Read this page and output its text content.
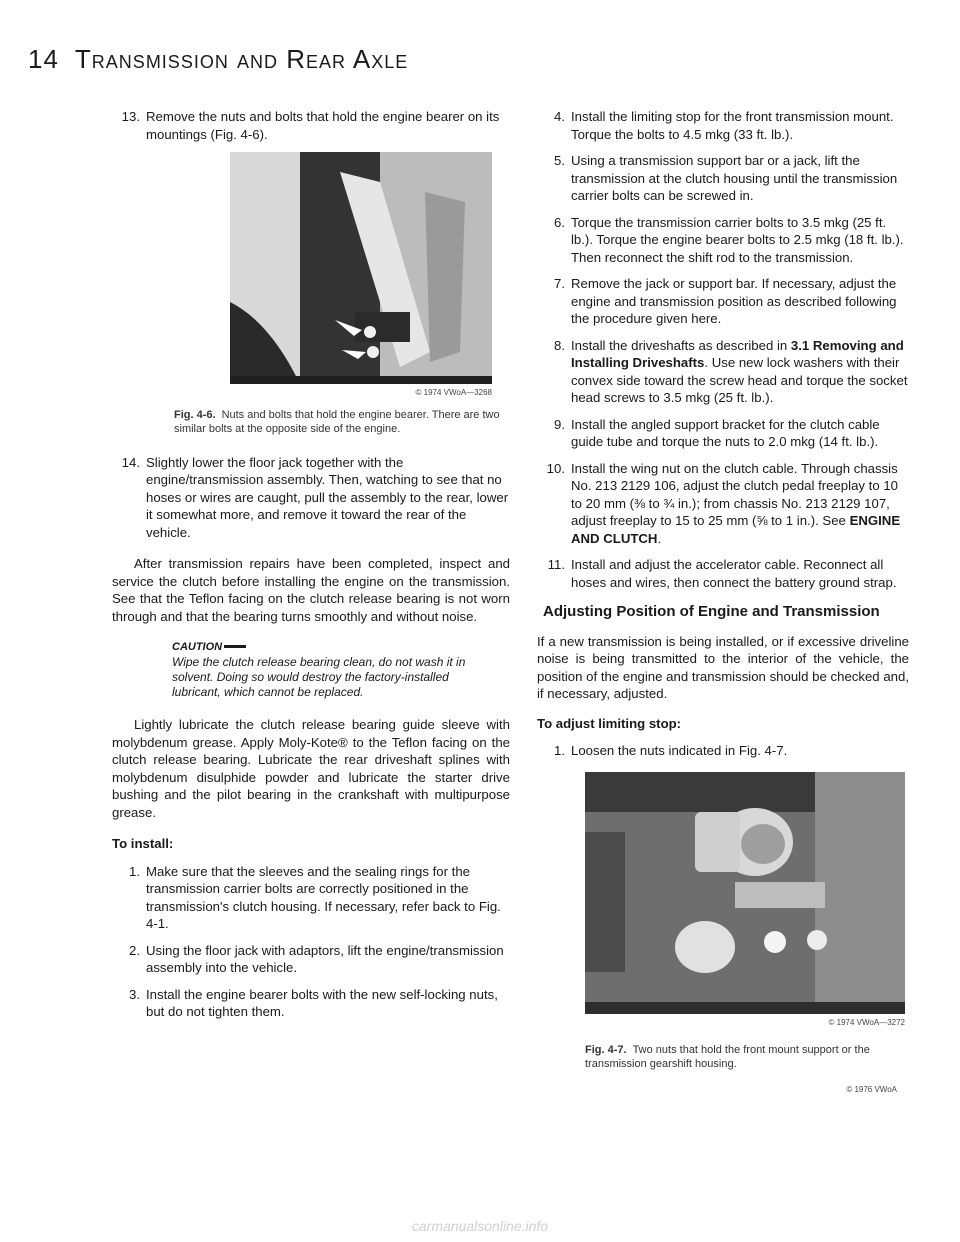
14 Transmission and Rear Axle
13. Remove the nuts and bolts that hold the engine bearer on its mountings (Fig. 4-6).
© 1974 VWoA—3268
Fig. 4-6. Nuts and bolts that hold the engine bearer. There are two similar bolts at the opposite side of the engine.
14. Slightly lower the floor jack together with the engine/transmission assembly. Then, watching to see that no hoses or wires are caught, pull the assembly to the rear, lower it somewhat more, and remove it toward the rear of the vehicle.
After transmission repairs have been completed, inspect and service the clutch before installing the engine on the transmission. See that the Teflon facing on the clutch release bearing is not worn through and that the bearing turns smoothly and without noise.
CAUTION
Wipe the clutch release bearing clean, do not wash it in solvent. Doing so would destroy the factory-installed lubricant, which cannot be replaced.
Lightly lubricate the clutch release bearing guide sleeve with molybdenum grease. Apply Moly-Kote® to the Teflon facing on the clutch release bearing. Lubricate the rear driveshaft splines with molybdenum disulphide powder and lubricate the starter drive bushing and the pilot bearing in the crankshaft with multipurpose grease.
To install:
1. Make sure that the sleeves and the sealing rings for the transmission carrier bolts are correctly positioned in the transmission's clutch housing. If necessary, refer back to Fig. 4-1.
2. Using the floor jack with adaptors, lift the engine/transmission assembly into the vehicle.
3. Install the engine bearer bolts with the new self-locking nuts, but do not tighten them.
4. Install the limiting stop for the front transmission mount. Torque the bolts to 4.5 mkg (33 ft. lb.).
5. Using a transmission support bar or a jack, lift the transmission at the clutch housing until the transmission carrier bolts can be screwed in.
6. Torque the transmission carrier bolts to 3.5 mkg (25 ft. lb.). Torque the engine bearer bolts to 2.5 mkg (18 ft. lb.). Then reconnect the shift rod to the transmission.
7. Remove the jack or support bar. If necessary, adjust the engine and transmission position as described following the procedure given here.
8. Install the driveshafts as described in 3.1 Removing and Installing Driveshafts. Use new lock washers with their convex side toward the screw head and torque the socket head screws to 3.5 mkg (25 ft. lb.).
9. Install the angled support bracket for the clutch cable guide tube and torque the nuts to 2.0 mkg (14 ft. lb.).
10. Install the wing nut on the clutch cable. Through chassis No. 213 2129 106, adjust the clutch pedal freeplay to 10 to 20 mm (⅜ to ¾ in.); from chassis No. 213 2129 107, adjust freeplay to 15 to 25 mm (⅝ to 1 in.). See ENGINE AND CLUTCH.
11. Install and adjust the accelerator cable. Reconnect all hoses and wires, then connect the battery ground strap.
Adjusting Position of Engine and Transmission
If a new transmission is being installed, or if excessive driveline noise is being transmitted to the interior of the vehicle, the position of the engine and transmission should be checked and, if necessary, adjusted.
To adjust limiting stop:
1. Loosen the nuts indicated in Fig. 4-7.
© 1974 VWoA—3272
Fig. 4-7. Two nuts that hold the front mount support or the transmission gearshift housing.
© 1976 VWoA
carmanualsonline.info
